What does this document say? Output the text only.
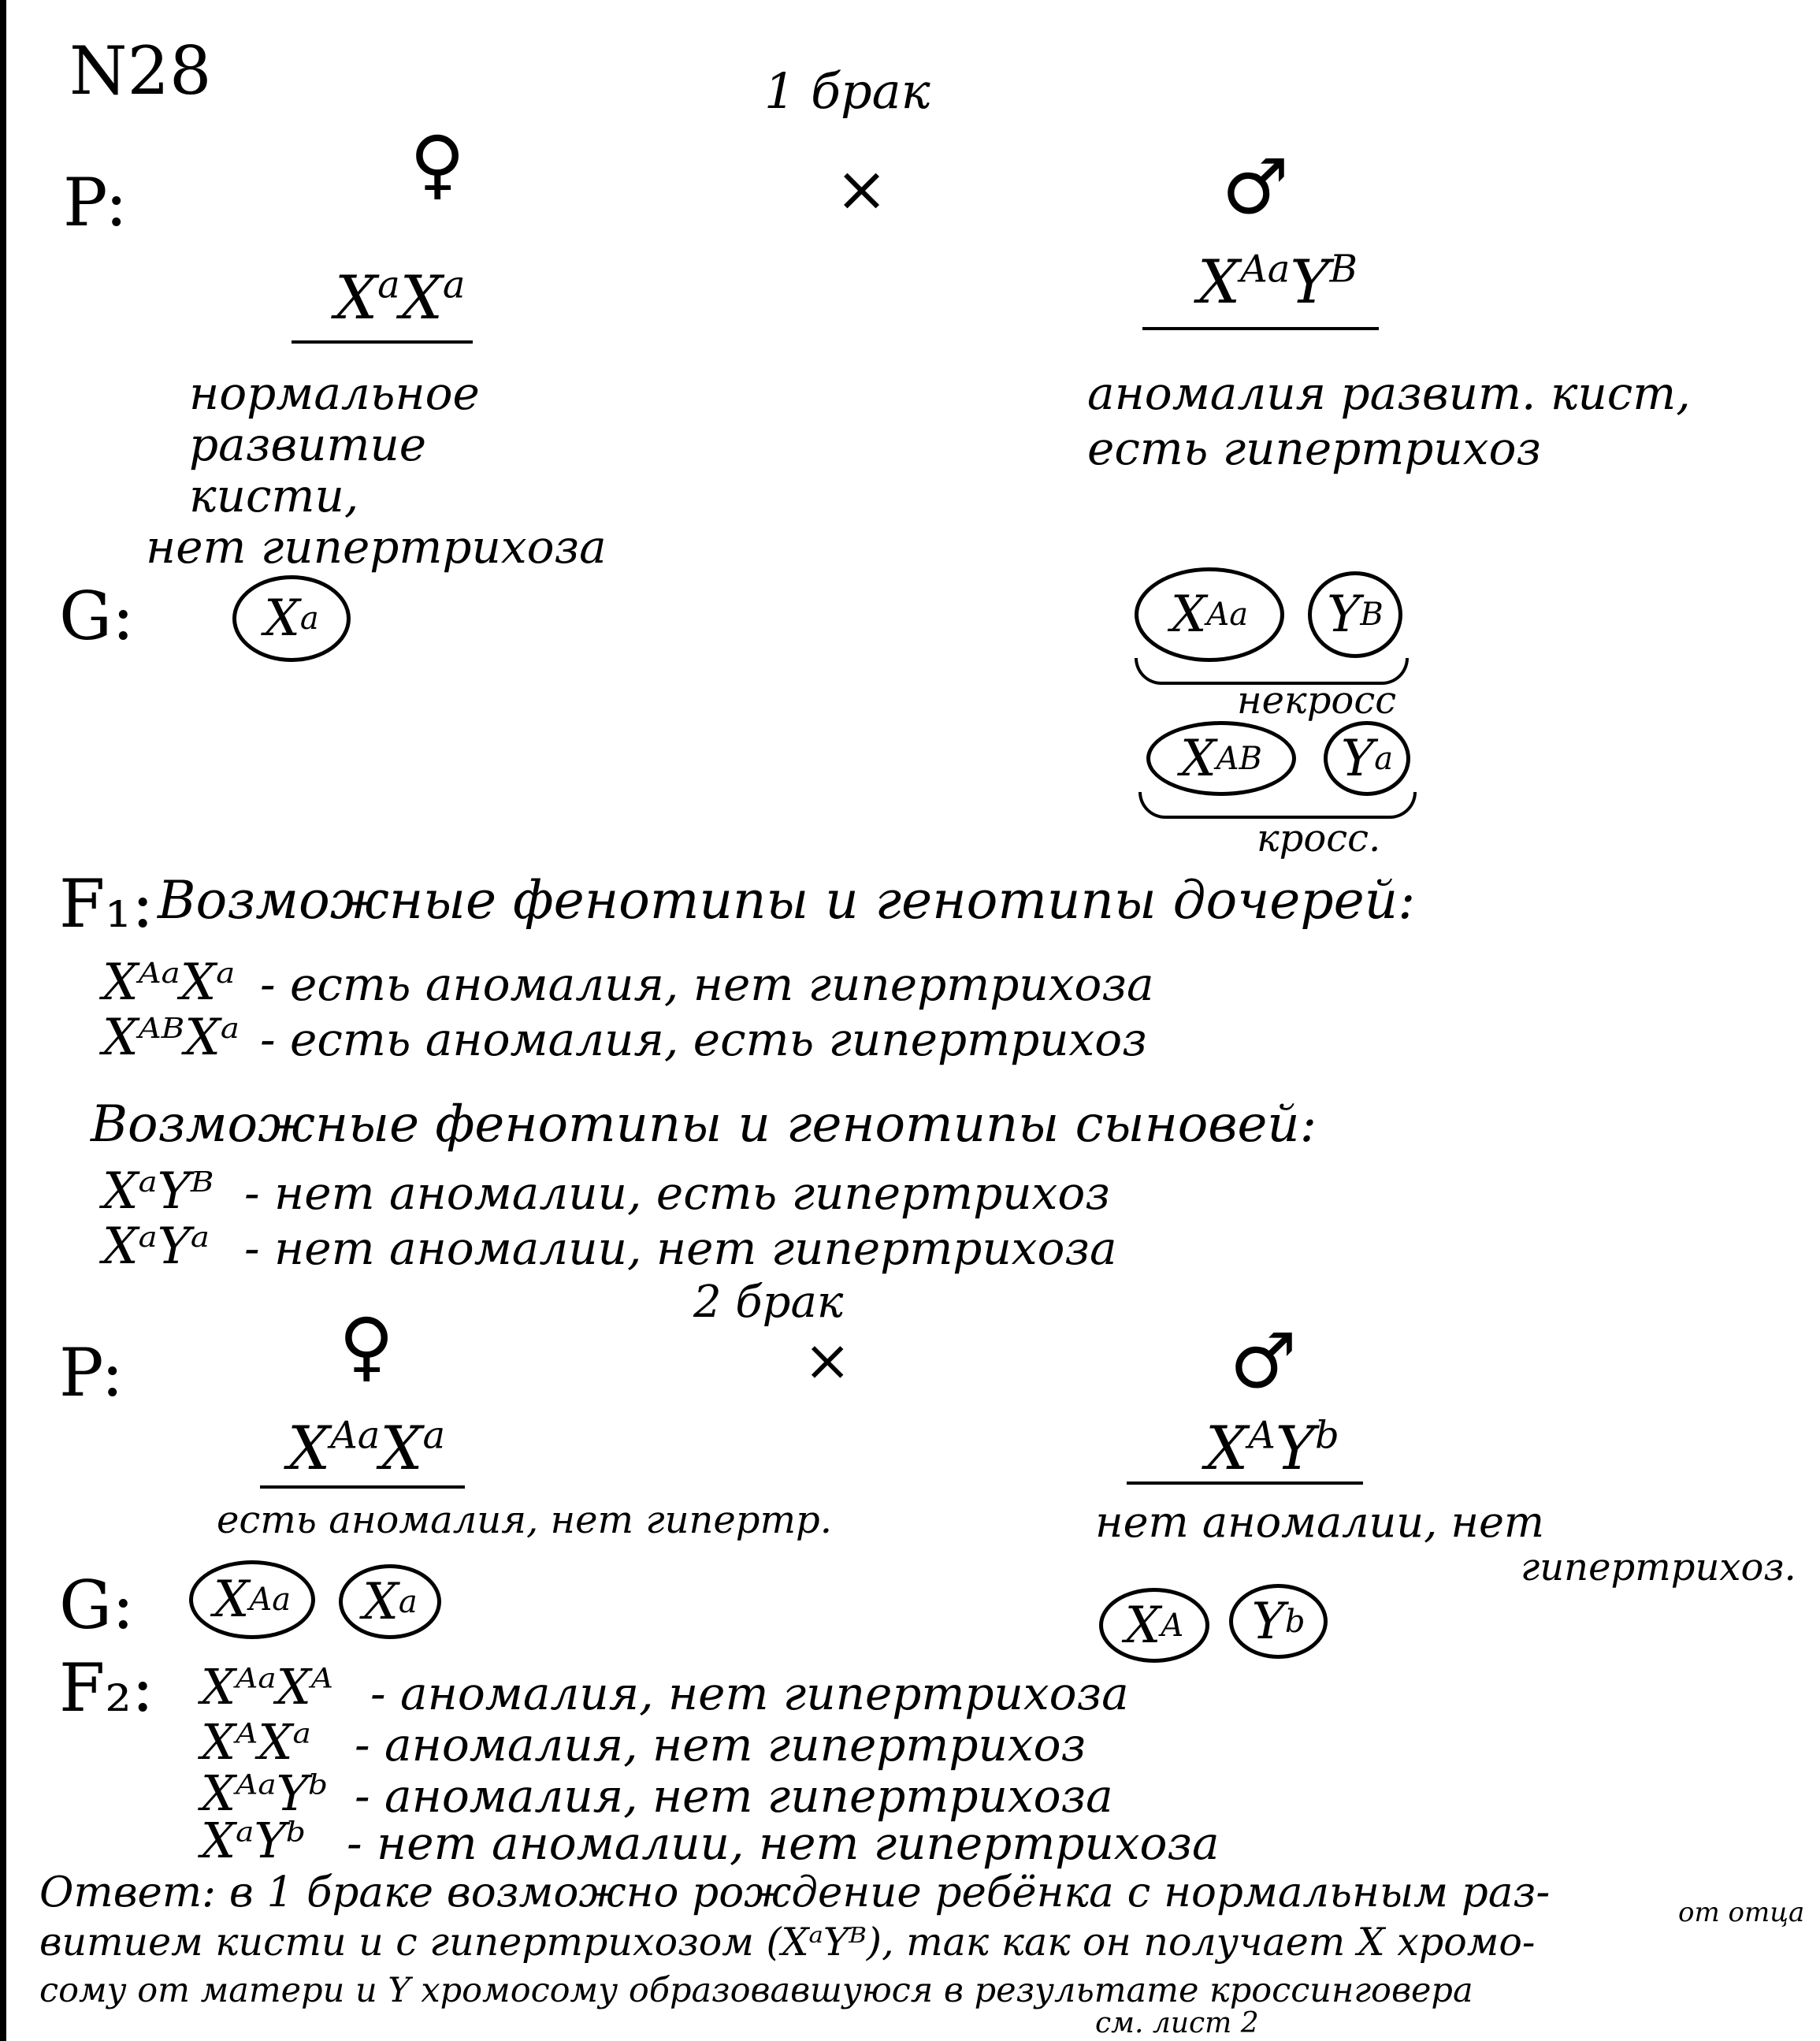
N28	1 брак
P:	♀	×	♂
$X^aX^a$	$X^{Aa}Y^B$
нормальное
развитие
кисти,
нет гипертрихоза
аномалия развит. кист,
есть гипертрихоз
G:	X a	X Aa Y B
некросс
X AB Y a
кросс.
F₁: Возможные фенотипы и генотипы дочерей:
XᴬᵃXᵃ - есть аномалия, нет гипертрихоза
XᴬᴮXᵃ - есть аномалия, есть гипертрихоз
Возможные фенотипы и генотипы сыновей:
XᵃYᴮ - нет аномалии, есть гипертрихоз
XᵃYᵃ - нет аномалии, нет гипертрихоза
2 брак
P:	♀	×	♂
$X^{Aa}X^a$	$X^AY^b$
есть аномалия, нет гипертр.	нет аномалии, нет
гипертрихоз.
G: X Aa X a	X A Y b
F₂: XᴬᵃXᴬ - аномалия, нет гипертрихоза
XᴬXᵃ - аномалия, нет гипертрихоз
XᴬᵃYᵇ - аномалия, нет гипертрихоза
XᵃYᵇ - нет аномалии, нет гипертрихоза
Ответ: в 1 браке возможно рождение ребёнка с нормальным раз-
витием кисти и с гипертрихозом (XᵃYᴮ), так как он получает X хромо-
от отца
сому от матери и Y хромосому образовавшуюся в результате кроссинговера
см. лист 2
